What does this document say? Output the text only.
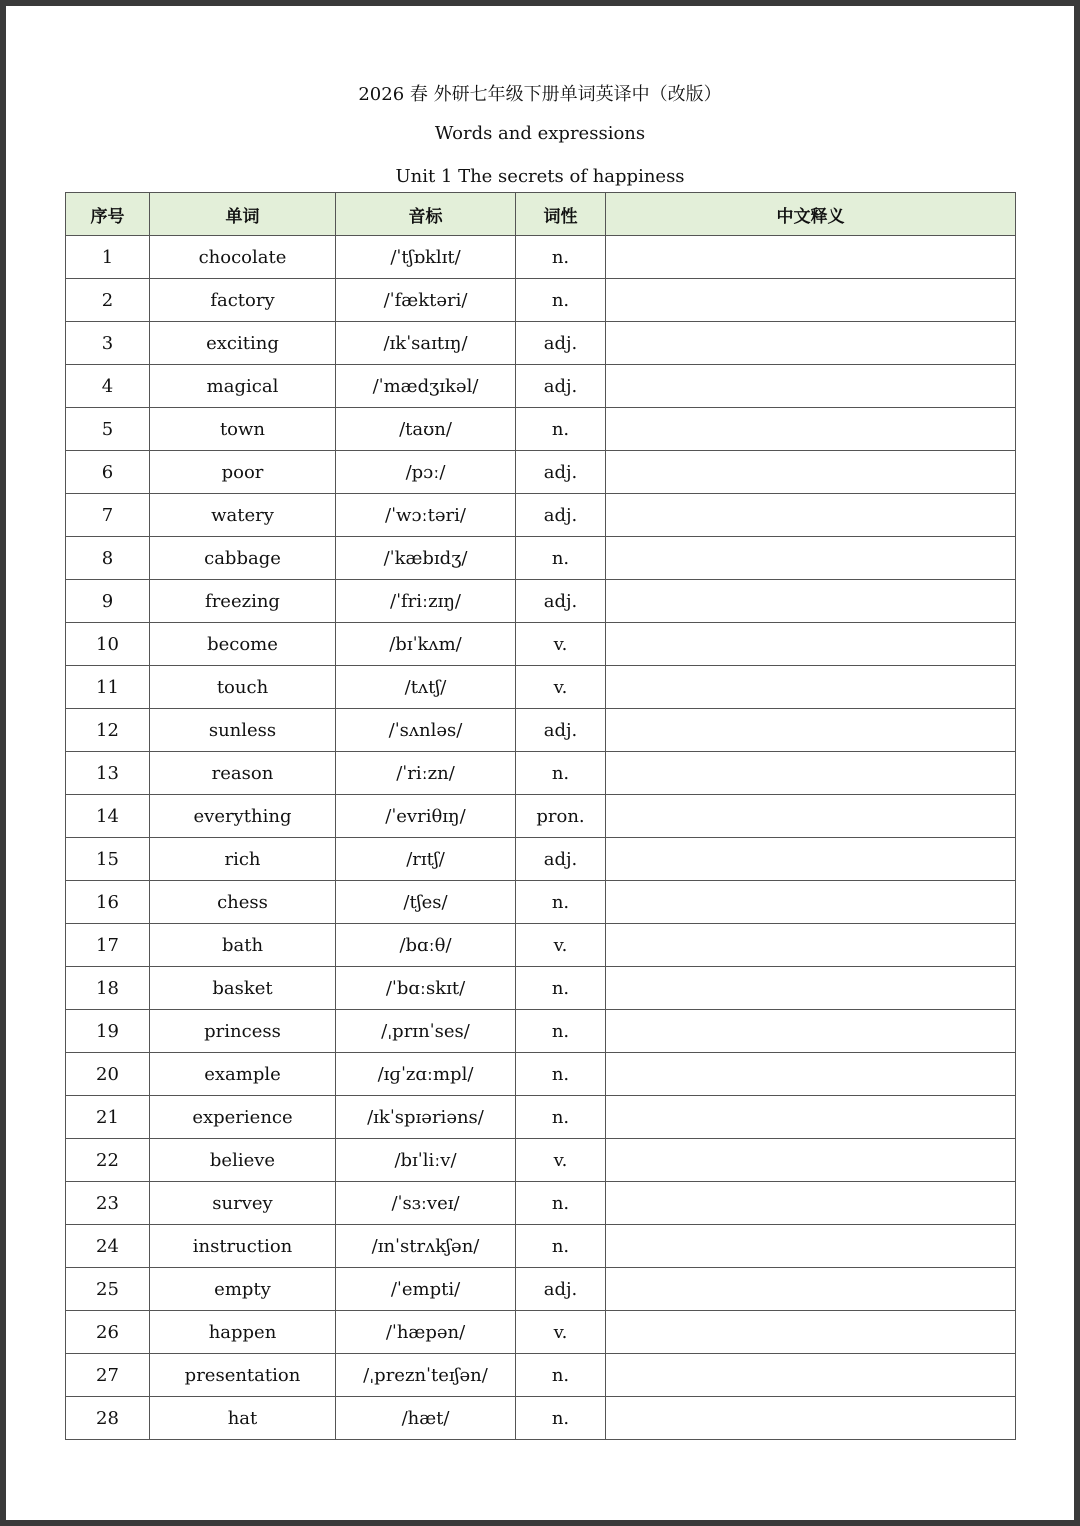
2026 春 外研七年级下册单词英译中（改版）
Words and expressions
Unit 1 The secrets of happiness
序号	单词	音标	词性	中文释义
1	chocolate	/ˈtʃɒklɪt/	n.	
2	factory	/ˈfæktəri/	n.	
3	exciting	/ɪkˈsaɪtɪŋ/	adj.	
4	magical	/ˈmædʒɪkəl/	adj.	
5	town	/taʊn/	n.	
6	poor	/pɔː/	adj.	
7	watery	/ˈwɔːtəri/	adj.	
8	cabbage	/ˈkæbɪdʒ/	n.	
9	freezing	/ˈfriːzɪŋ/	adj.	
10	become	/bɪˈkʌm/	v.	
11	touch	/tʌtʃ/	v.	
12	sunless	/ˈsʌnləs/	adj.	
13	reason	/ˈriːzn/	n.	
14	everything	/ˈevriθɪŋ/	pron.	
15	rich	/rɪtʃ/	adj.	
16	chess	/tʃes/	n.	
17	bath	/bɑːθ/	v.	
18	basket	/ˈbɑːskɪt/	n.	
19	princess	/ˌprɪnˈses/	n.	
20	example	/ɪɡˈzɑːmpl/	n.	
21	experience	/ɪkˈspɪəriəns/	n.	
22	believe	/bɪˈliːv/	v.	
23	survey	/ˈsɜːveɪ/	n.	
24	instruction	/ɪnˈstrʌkʃən/	n.	
25	empty	/ˈempti/	adj.	
26	happen	/ˈhæpən/	v.	
27	presentation	/ˌpreznˈteɪʃən/	n.	
28	hat	/hæt/	n.	
